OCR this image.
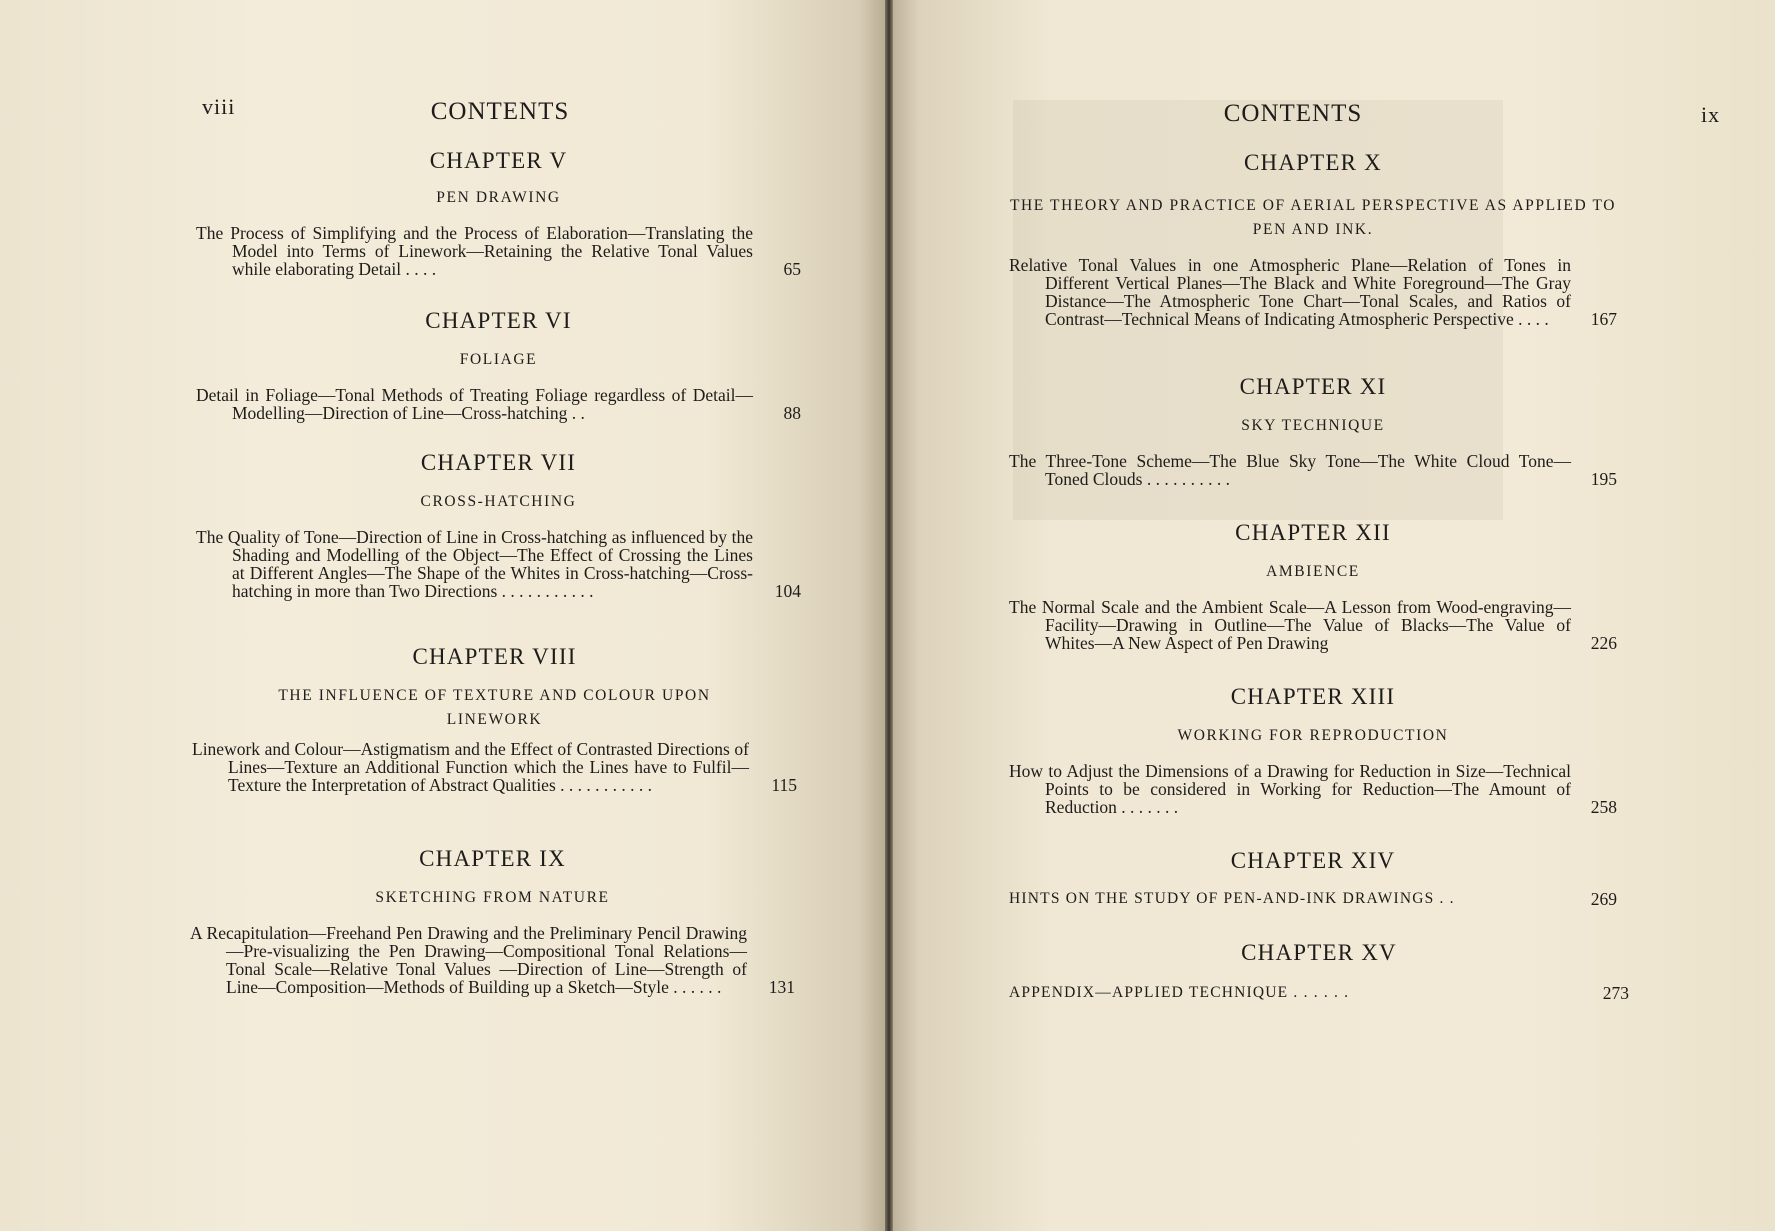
viii	CONTENTS
CHAPTER V
PEN DRAWING
The Process of Simplifying and the Process of Elaboration—Translating the Model into Terms of Linework—Retaining the Relative Tonal Values while elaborating Detail . . . .	65
CHAPTER VI
FOLIAGE
Detail in Foliage—Tonal Methods of Treating Foliage regardless of Detail—Modelling—Direction of Line—Cross-hatching . .	88
CHAPTER VII
CROSS-HATCHING
The Quality of Tone—Direction of Line in Cross-hatching as influenced by the Shading and Modelling of the Object—The Effect of Crossing the Lines at Different Angles—The Shape of the Whites in Cross-hatching—Cross-hatching in more than Two Directions . . . . . . . . . . .	104
CHAPTER VIII
THE INFLUENCE OF TEXTURE AND COLOUR UPON LINEWORK
Linework and Colour—Astigmatism and the Effect of Contrasted Directions of Lines—Texture an Additional Function which the Lines have to Fulfil—Texture the Interpretation of Abstract Qualities . . . . . . . . . . .	115
CHAPTER IX
SKETCHING FROM NATURE
A Recapitulation—Freehand Pen Drawing and the Preliminary Pencil Drawing—Pre-visualizing the Pen Drawing—Compositional Tonal Relations—Tonal Scale—Relative Tonal Values —Direction of Line—Strength of Line—Composition—Methods of Building up a Sketch—Style . . . . . .	131
CONTENTS	ix
CHAPTER X
THE THEORY AND PRACTICE OF AERIAL PERSPECTIVE AS APPLIED TO PEN AND INK.
Relative Tonal Values in one Atmospheric Plane—Relation of Tones in Different Vertical Planes—The Black and White Foreground—The Gray Distance—The Atmospheric Tone Chart—Tonal Scales, and Ratios of Contrast—Technical Means of Indicating Atmospheric Perspective . . . .	167
CHAPTER XI
SKY TECHNIQUE
The Three-Tone Scheme—The Blue Sky Tone—The White Cloud Tone—Toned Clouds . . . . . . . . . .	195
CHAPTER XII
AMBIENCE
The Normal Scale and the Ambient Scale—A Lesson from Wood-engraving—Facility—Drawing in Outline—The Value of Blacks—The Value of Whites—A New Aspect of Pen Drawing	226
CHAPTER XIII
WORKING FOR REPRODUCTION
How to Adjust the Dimensions of a Drawing for Reduction in Size—Technical Points to be considered in Working for Reduction—The Amount of Reduction . . . . . . .	258
CHAPTER XIV
HINTS ON THE STUDY OF PEN-AND-INK DRAWINGS . .	269
CHAPTER XV
APPENDIX—APPLIED TECHNIQUE . . . . . .	273
